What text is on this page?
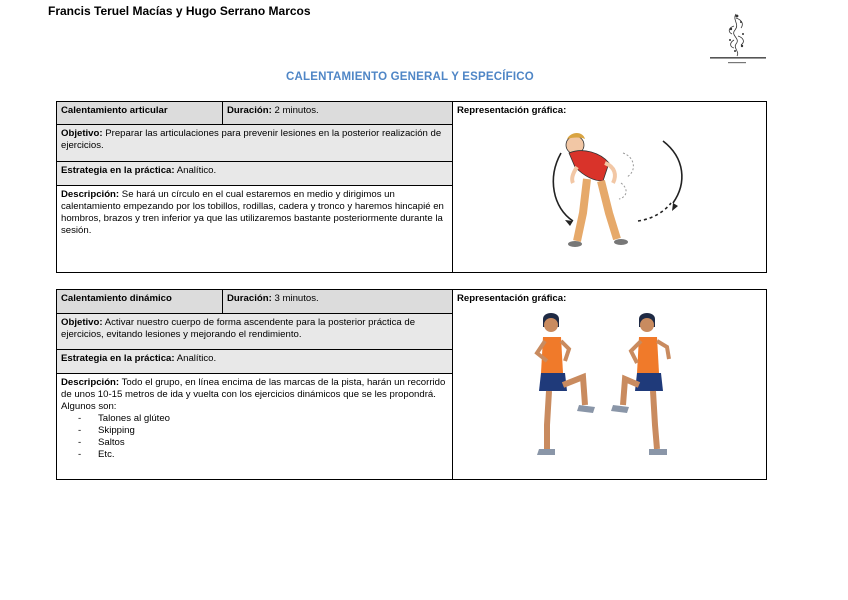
Francis Teruel Macías y Hugo Serrano Marcos
CALENTAMIENTO GENERAL Y ESPECÍFICO
Calentamiento articular	Duración: 2 minutos.	Representación gráfica:

Objetivo: Preparar las articulaciones para prevenir lesiones en la posterior realización de ejercicios.
Estrategia en la práctica: Analítico.
Descripción: Se hará un círculo en el cual estaremos en medio y dirigimos un calentamiento empezando por los tobillos, rodillas, cadera y tronco y haremos hincapié en hombros, brazos y tren inferior ya que las utilizaremos bastante posteriormente durante la sesión.
Calentamiento dinámico	Duración: 3 minutos.	Representación gráfica:

Objetivo: Activar nuestro cuerpo de forma ascendente para la posterior práctica de ejercicios, evitando lesiones y mejorando el rendimiento.
Estrategia en la práctica: Analítico.
Descripción: Todo el grupo, en línea encima de las marcas de la pista, harán un recorrido de unos 10-15 metros de ida y vuelta con los ejercicios dinámicos que se les propondrá. Algunos son:
- Talones al glúteo
- Skipping
- Saltos
- Etc.
